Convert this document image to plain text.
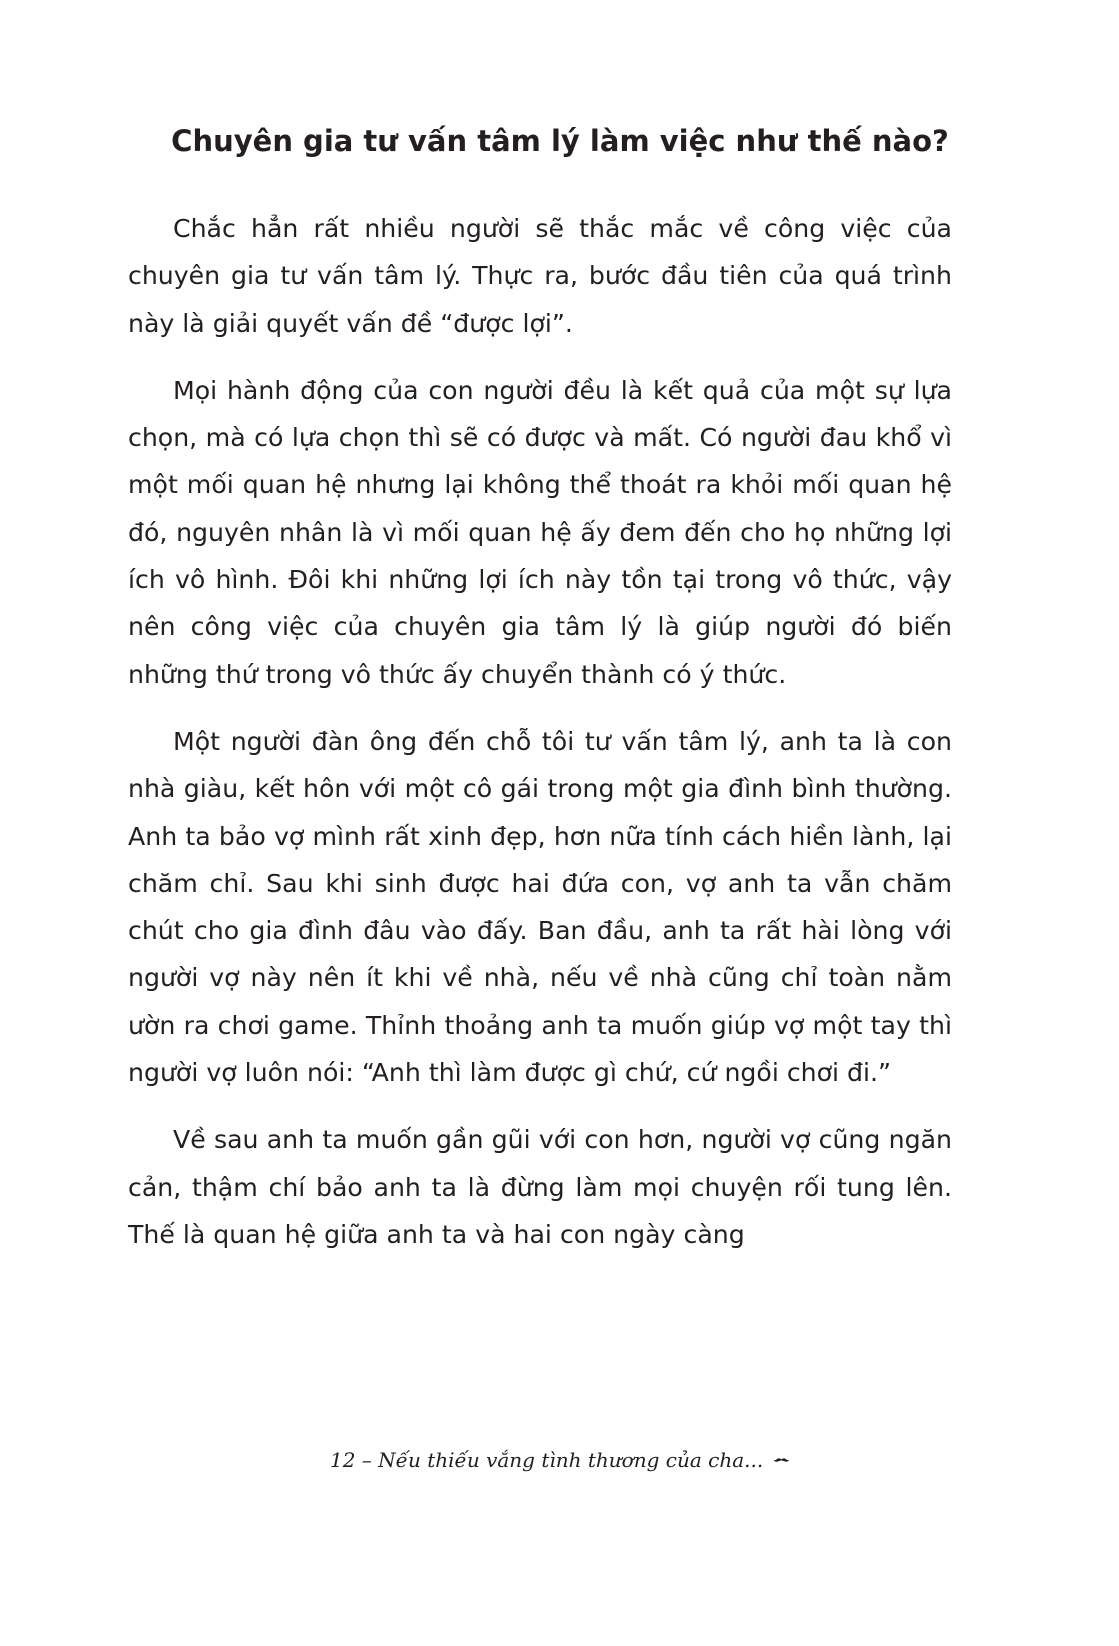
Chuyên gia tư vấn tâm lý làm việc như thế nào?

Chắc hẳn rất nhiều người sẽ thắc mắc về công việc của chuyên gia tư vấn tâm lý. Thực ra, bước đầu tiên của quá trình này là giải quyết vấn đề “được lợi”.

Mọi hành động của con người đều là kết quả của một sự lựa chọn, mà có lựa chọn thì sẽ có được và mất. Có người đau khổ vì một mối quan hệ nhưng lại không thể thoát ra khỏi mối quan hệ đó, nguyên nhân là vì mối quan hệ ấy đem đến cho họ những lợi ích vô hình. Đôi khi những lợi ích này tồn tại trong vô thức, vậy nên công việc của chuyên gia tâm lý là giúp người đó biến những thứ trong vô thức ấy chuyển thành có ý thức.

Một người đàn ông đến chỗ tôi tư vấn tâm lý, anh ta là con nhà giàu, kết hôn với một cô gái trong một gia đình bình thường. Anh ta bảo vợ mình rất xinh đẹp, hơn nữa tính cách hiền lành, lại chăm chỉ. Sau khi sinh được hai đứa con, vợ anh ta vẫn chăm chút cho gia đình đâu vào đấy. Ban đầu, anh ta rất hài lòng với người vợ này nên ít khi về nhà, nếu về nhà cũng chỉ toàn nằm ườn ra chơi game. Thỉnh thoảng anh ta muốn giúp vợ một tay thì người vợ luôn nói: “Anh thì làm được gì chứ, cứ ngồi chơi đi.”

Về sau anh ta muốn gần gũi với con hơn, người vợ cũng ngăn cản, thậm chí bảo anh ta là đừng làm mọi chuyện rối tung lên. Thế là quan hệ giữa anh ta và hai con ngày càng

12 – Nếu thiếu vắng tình thương của cha...
